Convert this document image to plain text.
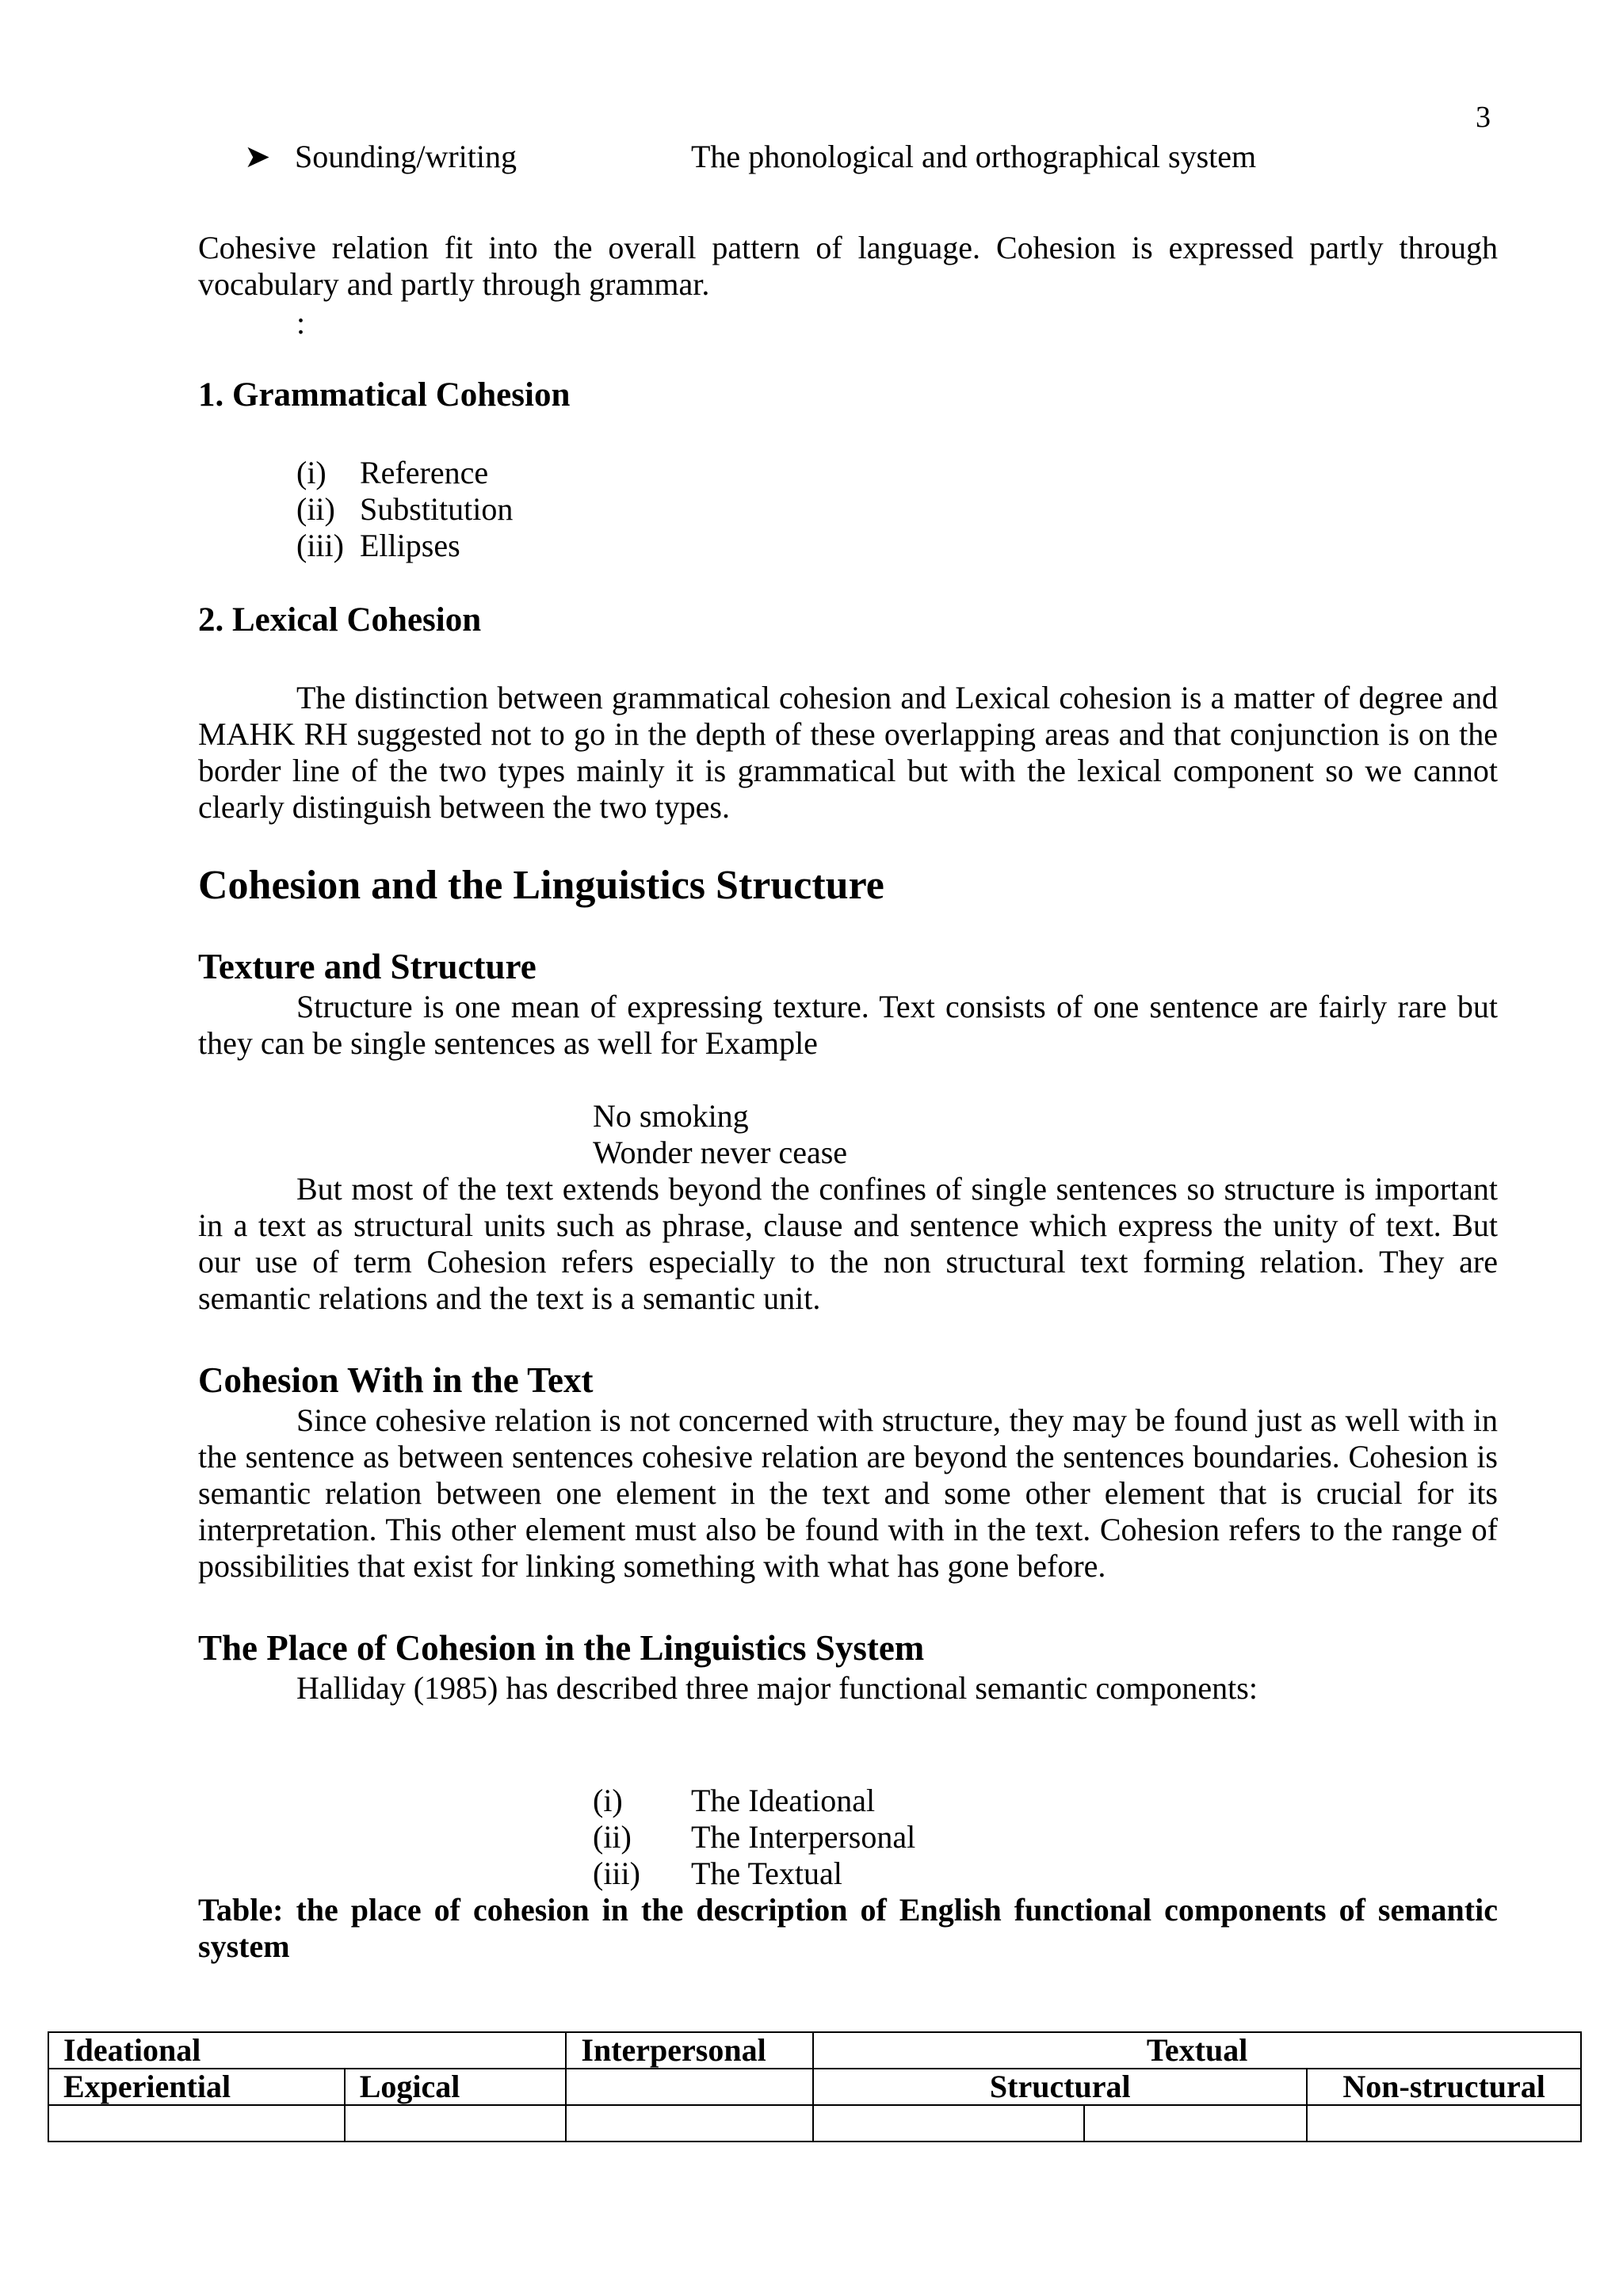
3
➤ Sounding/writing	The phonological and orthographical system

Cohesive relation fit into the overall pattern of language. Cohesion is expressed partly through vocabulary and partly through grammar.

:
1. Grammatical Cohesion
(i) Reference
(ii) Substitution
(iii) Ellipses
2. Lexical Cohesion

The distinction between grammatical cohesion and Lexical cohesion is a matter of degree and MAHK RH suggested not to go in the depth of these overlapping areas and that conjunction is on the border line of the two types mainly it is grammatical but with the lexical component so we cannot clearly distinguish between the two types.

Cohesion and the Linguistics Structure
Texture and Structure

Structure is one mean of expressing texture. Text consists of one sentence are fairly rare but they can be single sentences as well for Example

No smoking
Wonder never cease

But most of the text extends beyond the confines of single sentences so structure is important in a text as structural units such as phrase, clause and sentence which express the unity of text. But our use of term Cohesion refers especially to the non structural text forming relation. They are semantic relations and the text is a semantic unit.

Cohesion With in the Text

Since cohesive relation is not concerned with structure, they may be found just as well with in the sentence as between sentences cohesive relation are beyond the sentences boundaries. Cohesion is semantic relation between one element in the text and some other element that is crucial for its interpretation. This other element must also be found with in the text. Cohesion refers to the range of possibilities that exist for linking something with what has gone before.

The Place of Cohesion in the Linguistics System

Halliday (1985) has described three major functional semantic components:

(i) The Ideational
(ii) The Interpersonal
(iii) The Textual

Table: the place of cohesion in the description of English functional components of semantic system

Ideational		Interpersonal	Textual		
Experiential	Logical		Structural		Non-structural
